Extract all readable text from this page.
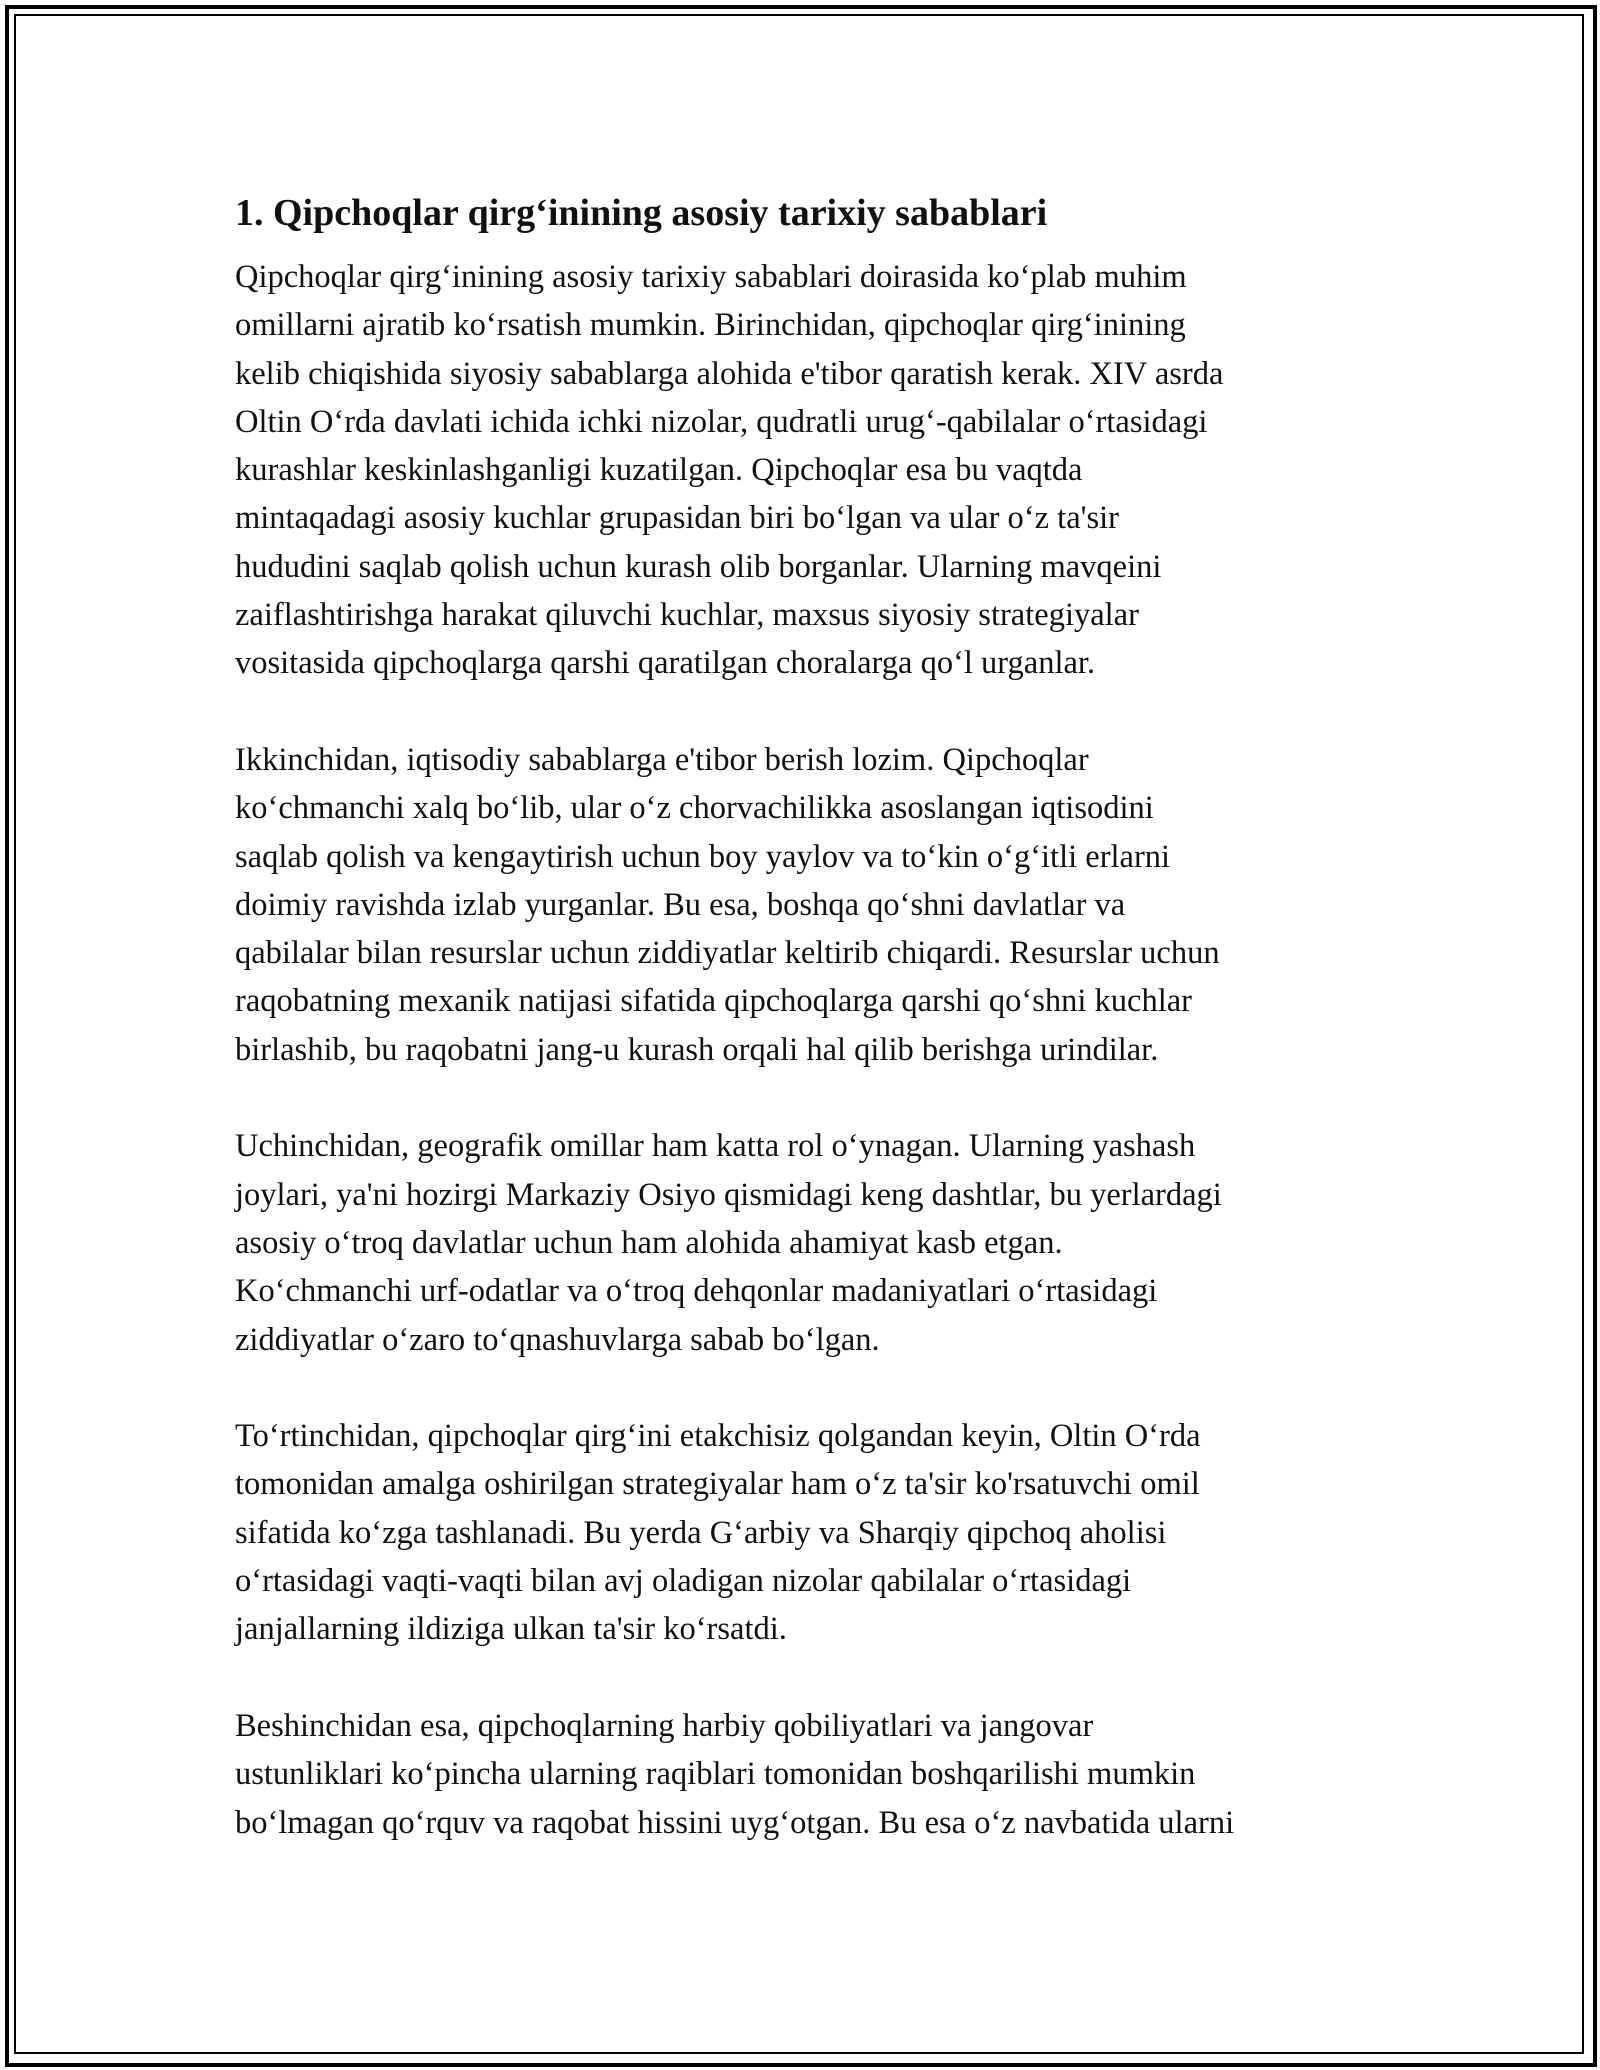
1. Qipchoqlar qirg‘inining asosiy tarixiy sabablari

Qipchoqlar qirg‘inining asosiy tarixiy sabablari doirasida ko‘plab muhim
omillarni ajratib ko‘rsatish mumkin. Birinchidan, qipchoqlar qirg‘inining
kelib chiqishida siyosiy sabablarga alohida e'tibor qaratish kerak. XIV asrda
Oltin O‘rda davlati ichida ichki nizolar, qudratli urug‘-qabilalar o‘rtasidagi
kurashlar keskinlashganligi kuzatilgan. Qipchoqlar esa bu vaqtda
mintaqadagi asosiy kuchlar grupasidan biri bo‘lgan va ular o‘z ta'sir
hududini saqlab qolish uchun kurash olib borganlar. Ularning mavqeini
zaiflashtirishga harakat qiluvchi kuchlar, maxsus siyosiy strategiyalar
vositasida qipchoqlarga qarshi qaratilgan choralarga qo‘l urganlar.

Ikkinchidan, iqtisodiy sabablarga e'tibor berish lozim. Qipchoqlar
ko‘chmanchi xalq bo‘lib, ular o‘z chorvachilikka asoslangan iqtisodini
saqlab qolish va kengaytirish uchun boy yaylov va to‘kin o‘g‘itli erlarni
doimiy ravishda izlab yurganlar. Bu esa, boshqa qo‘shni davlatlar va
qabilalar bilan resurslar uchun ziddiyatlar keltirib chiqardi. Resurslar uchun
raqobatning mexanik natijasi sifatida qipchoqlarga qarshi qo‘shni kuchlar
birlashib, bu raqobatni jang-u kurash orqali hal qilib berishga urindilar.

Uchinchidan, geografik omillar ham katta rol o‘ynagan. Ularning yashash
joylari, ya'ni hozirgi Markaziy Osiyo qismidagi keng dashtlar, bu yerlardagi
asosiy o‘troq davlatlar uchun ham alohida ahamiyat kasb etgan.
Ko‘chmanchi urf-odatlar va o‘troq dehqonlar madaniyatlari o‘rtasidagi
ziddiyatlar o‘zaro to‘qnashuvlarga sabab bo‘lgan.

To‘rtinchidan, qipchoqlar qirg‘ini etakchisiz qolgandan keyin, Oltin O‘rda
tomonidan amalga oshirilgan strategiyalar ham o‘z ta'sir ko'rsatuvchi omil
sifatida ko‘zga tashlanadi. Bu yerda G‘arbiy va Sharqiy qipchoq aholisi
o‘rtasidagi vaqti-vaqti bilan avj oladigan nizolar qabilalar o‘rtasidagi
janjallarning ildiziga ulkan ta'sir ko‘rsatdi.

Beshinchidan esa, qipchoqlarning harbiy qobiliyatlari va jangovar
ustunliklari ko‘pincha ularning raqiblari tomonidan boshqarilishi mumkin
bo‘lmagan qo‘rquv va raqobat hissini uyg‘otgan. Bu esa o‘z navbatida ularni
